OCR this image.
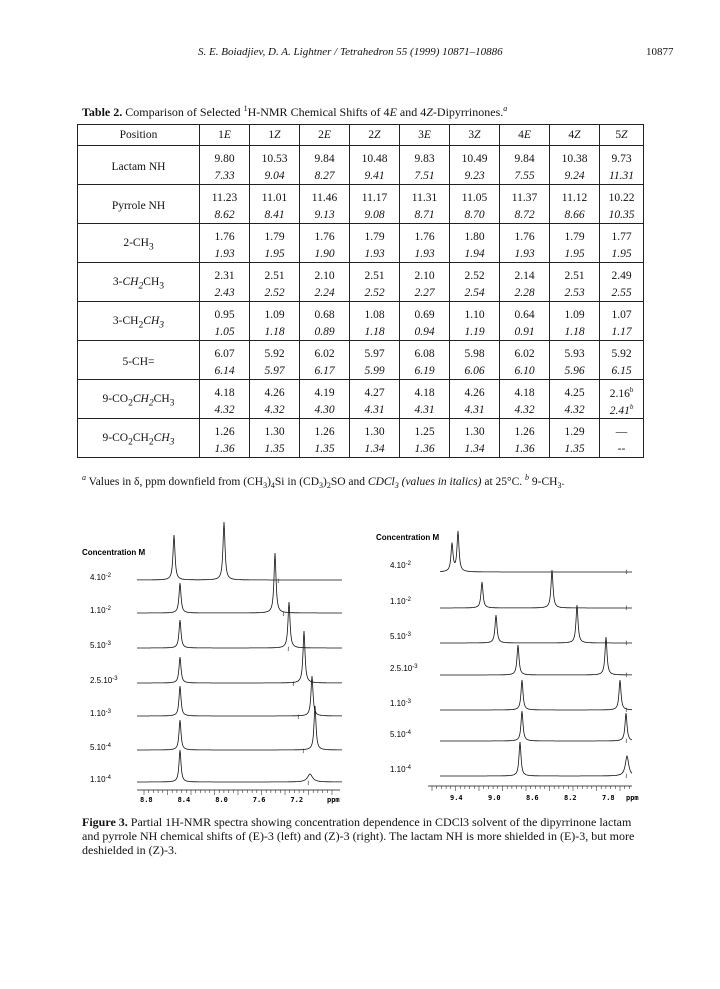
S. E. Boiadjiev, D. A. Lightner / Tetrahedron 55 (1999) 10871–10886	10877
Table 2. Comparison of Selected $^1$H-NMR Chemical Shifts of 4E and 4Z-Dipyrrinones.$^a$
Position	1E	1Z	2E	2Z	3E	3Z	4E	4Z	5Z
Lactam NH	9.80	10.53	9.84	10.48	9.83	10.49	9.84	10.38	9.73
	7.33	9.04	8.27	9.41	7.51	9.23	7.55	9.24	11.31
Pyrrole NH	11.23	11.01	11.46	11.17	11.31	11.05	11.37	11.12	10.22
	8.62	8.41	9.13	9.08	8.71	8.70	8.72	8.66	10.35
$2-CH_3$	1.76	1.79	1.76	1.79	1.76	1.80	1.76	1.79	1.77
	1.93	1.95	1.90	1.93	1.93	1.94	1.93	1.95	1.95
$3-CH_2CH_3$	2.31	2.51	2.10	2.51	2.10	2.52	2.14	2.51	2.49
	2.43	2.52	2.24	2.52	2.27	2.54	2.28	2.53	2.55
$3-CH_2CH_3$	0.95	1.09	0.68	1.08	0.69	1.10	0.64	1.09	1.07
	1.05	1.18	0.89	1.18	0.94	1.19	0.91	1.18	1.17
5-CH=	6.07	5.92	6.02	5.97	6.08	5.98	6.02	5.93	5.92
	6.14	5.97	6.17	5.99	6.19	6.06	6.10	5.96	6.15
$9-CO_2CH_2CH_3$	4.18	4.26	4.19	4.27	4.18	4.26	4.18	4.25	2.16$^b$
	4.32	4.32	4.30	4.31	4.31	4.31	4.32	4.32	2.41$^b$
$9-CO_2CH_2CH_3$	1.26	1.30	1.26	1.30	1.25	1.30	1.26	1.29	—
	1.36	1.35	1.35	1.34	1.36	1.34	1.36	1.35	--
$^a$ Values in δ, ppm downfield from $(CH_3)_4Si$ in $(CD_3)_2SO$ and CDCl$_3$ (values in italics) at 25°C. $^b$ $9-CH_3$.
Concentration M
$4.10^{-2}$
≀
$1.10^{-2}$
≀
$5.10^{-3}$
≀
$2.5.10^{-3}$
≀
$1.10^{-3}$
≀
$5.10^{-4}$
≀
$1.10^{-4}$
≀
8.8	8.4	8.0	7.6	7.2	ppm
Concentration M
$4.10^{-2}$
≀
$1.10^{-2}$
≀
$5.10^{-3}$
≀
$2.5.10^{-3}$
≀
$1.10^{-3}$
≀
$5.10^{-4}$
≀
$1.10^{-4}$
≀
9.4	9.0	8.6	8.2	7.8 ppm
Figure 3. Partial 1H-NMR spectra showing concentration dependence in CDCl3 solvent of the dipyrrinone lactam and pyrrole NH chemical shifts of (E)-3 (left) and (Z)-3 (right). The lactam NH is more shielded in (E)-3, but more deshielded in (Z)-3.
